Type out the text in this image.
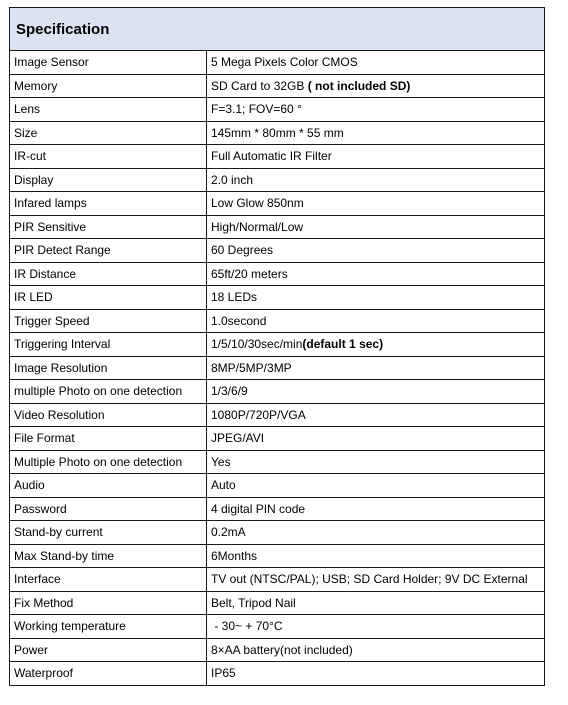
Specification	
Image Sensor	5 Mega Pixels Color CMOS
Memory	SD Card to 32GB ( not included SD)
Lens	F=3.1; FOV=60 °
Size	145mm * 80mm * 55 mm
IR-cut	Full Automatic IR Filter
Display	2.0 inch
Infared lamps	Low Glow 850nm
PIR Sensitive	High/Normal/Low
PIR Detect Range	60 Degrees
IR Distance	65ft/20 meters
IR LED	18 LEDs
Trigger Speed	1.0second
Triggering Interval	1/5/10/30sec/min(default 1 sec)
Image Resolution	8MP/5MP/3MP
multiple Photo on one detection	1/3/6/9
Video Resolution	1080P/720P/VGA
File Format	JPEG/AVI
Multiple Photo on one detection	Yes
Audio	Auto
Password	4 digital PIN code
Stand-by current	0.2mA
Max Stand-by time	6Months
Interface	TV out (NTSC/PAL); USB; SD Card Holder; 9V DC External
Fix Method	Belt, Tripod Nail
Working temperature	- 30~ + 70°C
Power	8×AA battery(not included)
Waterproof	IP65
